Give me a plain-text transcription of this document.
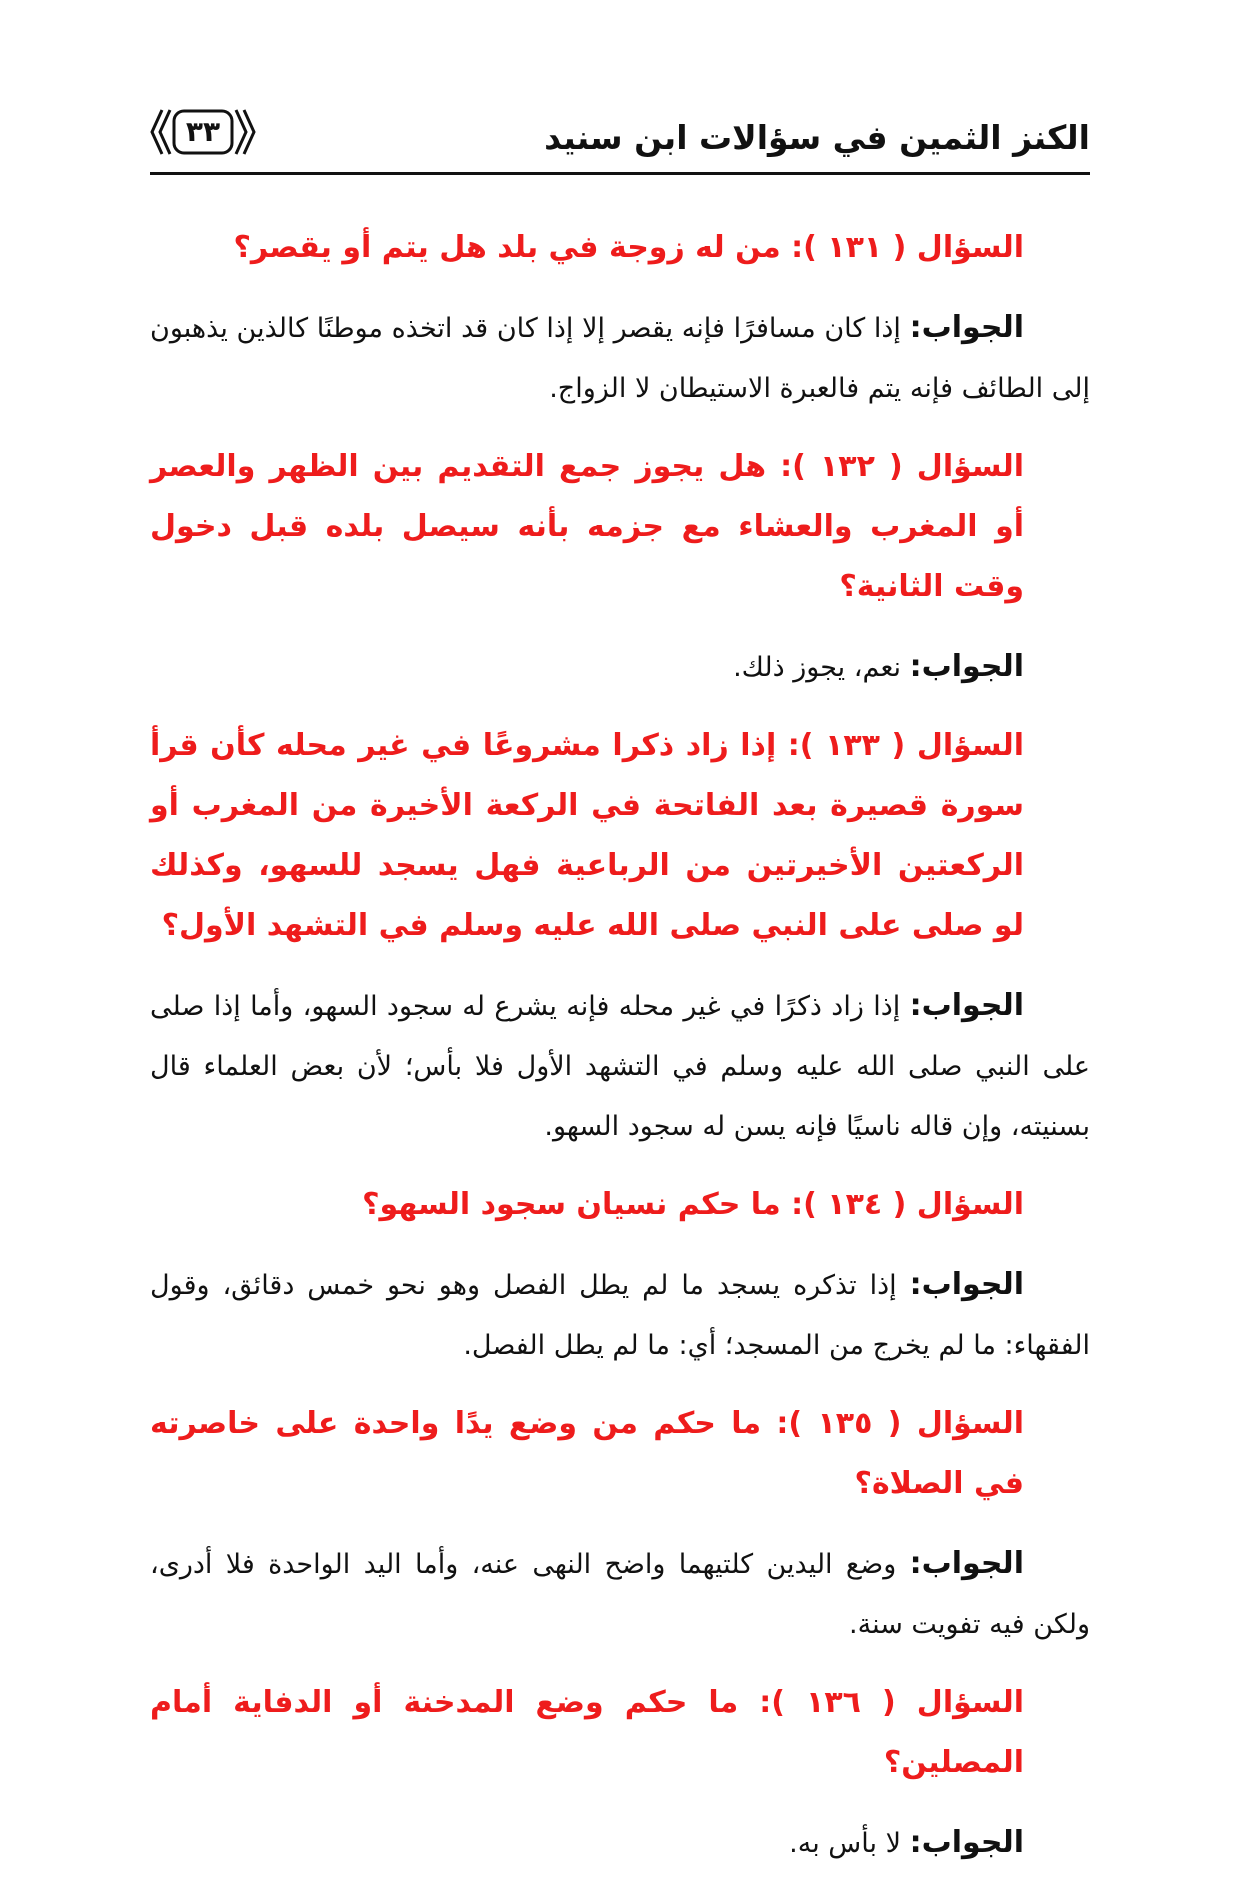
الكنز الثمين في سؤالات ابن سنيد
٣٣

السؤال ( ١٣١ ): من له زوجة في بلد هل يتم أو يقصر؟

الجواب: إذا كان مسافرًا فإنه يقصر إلا إذا كان قد اتخذه موطنًا كالذين يذهبون إلى الطائف فإنه يتم فالعبرة الاستيطان لا الزواج.

السؤال ( ١٣٢ ): هل يجوز جمع التقديم بين الظهر والعصر أو المغرب والعشاء مع جزمه بأنه سيصل بلده قبل دخول وقت الثانية؟

الجواب: نعم، يجوز ذلك.

السؤال ( ١٣٣ ): إذا زاد ذكرا مشروعًا في غير محله كأن قرأ سورة قصيرة بعد الفاتحة في الركعة الأخيرة من المغرب أو الركعتين الأخيرتين من الرباعية فهل يسجد للسهو، وكذلك لو صلى على النبي صلى الله عليه وسلم في التشهد الأول؟

الجواب: إذا زاد ذكرًا في غير محله فإنه يشرع له سجود السهو، وأما إذا صلى على النبي صلى الله عليه وسلم في التشهد الأول فلا بأس؛ لأن بعض العلماء قال بسنيته، وإن قاله ناسيًا فإنه يسن له سجود السهو.

السؤال ( ١٣٤ ): ما حكم نسيان سجود السهو؟

الجواب: إذا تذكره يسجد ما لم يطل الفصل وهو نحو خمس دقائق، وقول الفقهاء: ما لم يخرج من المسجد؛ أي: ما لم يطل الفصل.

السؤال ( ١٣٥ ): ما حكم من وضع يدًا واحدة على خاصرته في الصلاة؟

الجواب: وضع اليدين كلتيهما واضح النهى عنه، وأما اليد الواحدة فلا أدرى، ولكن فيه تفويت سنة.

السؤال ( ١٣٦ ): ما حكم وضع المدخنة أو الدفاية أمام المصلين؟

الجواب: لا بأس به.
